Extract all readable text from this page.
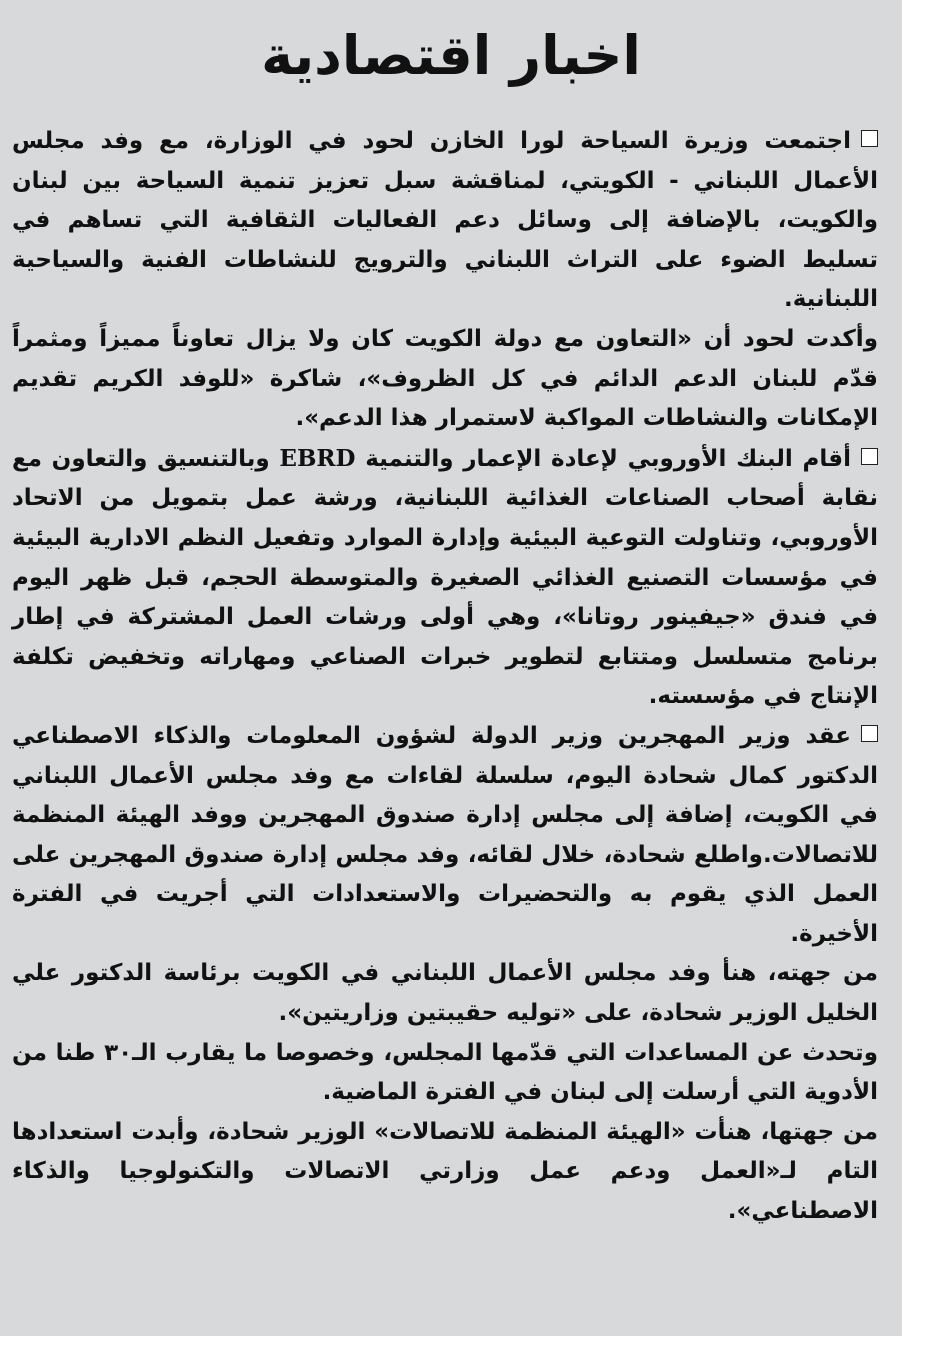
اخبار اقتصادية

اجتمعت وزيرة السياحة لورا الخازن لحود في الوزارة، مع وفد مجلس الأعمال اللبناني - الكويتي، لمناقشة سبل تعزيز تنمية السياحة بين لبنان والكويت، بالإضافة إلى وسائل دعم الفعاليات الثقافية التي تساهم في تسليط الضوء على التراث اللبناني والترويج للنشاطات الفنية والسياحية اللبنانية.

وأكدت لحود أن «التعاون مع دولة الكويت كان ولا يزال تعاوناً مميزاً ومثمراً قدّم للبنان الدعم الدائم في كل الظروف»، شاكرة «للوفد الكريم تقديم الإمكانات والنشاطات المواكبة لاستمرار هذا الدعم».

أقام البنك الأوروبي لإعادة الإعمار والتنمية EBRD وبالتنسيق والتعاون مع نقابة أصحاب الصناعات الغذائية اللبنانية، ورشة عمل بتمويل من الاتحاد الأوروبي، وتناولت التوعية البيئية وإدارة الموارد وتفعيل النظم الادارية البيئية في مؤسسات التصنيع الغذائي الصغيرة والمتوسطة الحجم، قبل ظهر اليوم في فندق «جيفينور روتانا»، وهي أولى ورشات العمل المشتركة في إطار برنامج متسلسل ومتتابع لتطوير خبرات الصناعي ومهاراته وتخفيض تكلفة الإنتاج في مؤسسته.

عقد وزير المهجرين وزير الدولة لشؤون المعلومات والذكاء الاصطناعي الدكتور كمال شحادة اليوم، سلسلة لقاءات مع وفد مجلس الأعمال اللبناني في الكويت، إضافة إلى مجلس إدارة صندوق المهجرين ووفد الهيئة المنظمة للاتصالات.واطلع شحادة، خلال لقائه، وفد مجلس إدارة صندوق المهجرين على العمل الذي يقوم به والتحضيرات والاستعدادات التي أجريت في الفترة الأخيرة.

من جهته، هنأ وفد مجلس الأعمال اللبناني في الكويت برئاسة الدكتور علي الخليل الوزير شحادة، على «توليه حقيبتين وزاريتين».

وتحدث عن المساعدات التي قدّمها المجلس، وخصوصا ما يقارب الـ٣٠ طنا من الأدوية التي أرسلت إلى لبنان في الفترة الماضية.

من جهتها، هنأت «الهيئة المنظمة للاتصالات» الوزير شحادة، وأبدت استعدادها التام لـ«العمل ودعم عمل وزارتي الاتصالات والتكنولوجيا والذكاء الاصطناعي».
